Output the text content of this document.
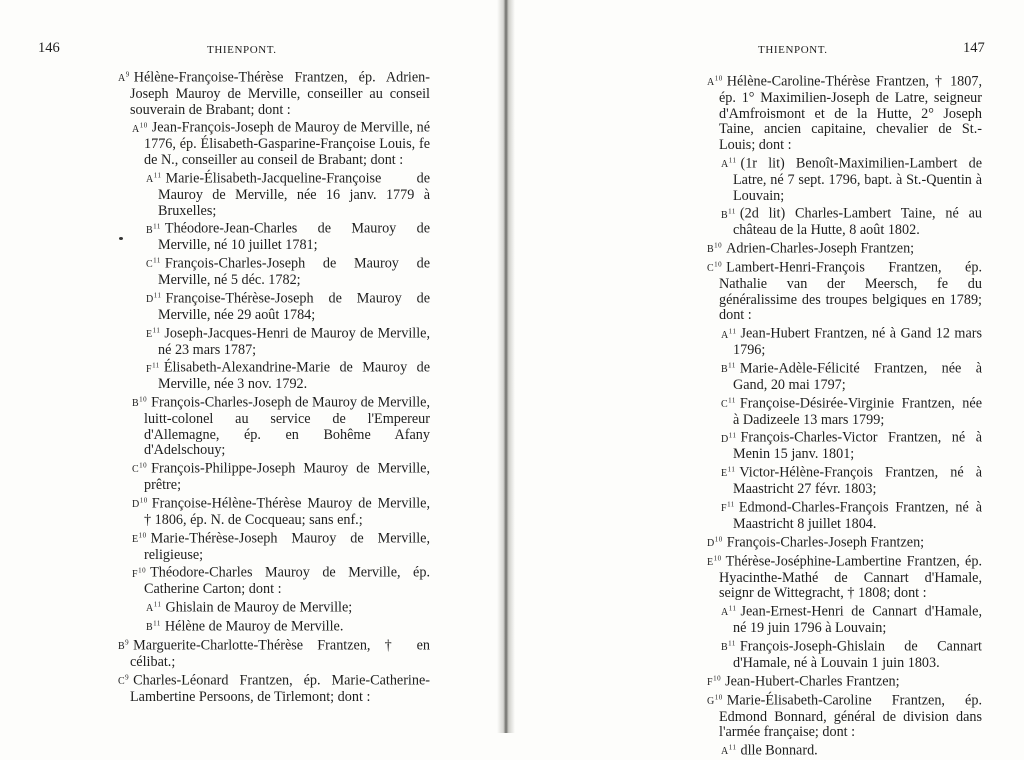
146	THIENPONT.

$A^9$ Hélène-Françoise-Thérèse Frantzen, ép. Adrien-Joseph Mauroy de Merville, conseiller au conseil souverain de Brabant; dont :

$A^{10}$ Jean-François-Joseph de Mauroy de Merville, né 1776, ép. Élisabeth-Gasparine-Françoise Louis, fe de N., conseiller au conseil de Brabant; dont :

$A^{11}$ Marie-Élisabeth-Jacqueline-Françoise de Mauroy de Merville, née 16 janv. 1779 à Bruxelles;

$B^{11}$ Théodore-Jean-Charles de Mauroy de Merville, né 10 juillet 1781;

$C^{11}$ François-Charles-Joseph de Mauroy de Merville, né 5 déc. 1782;

$D^{11}$ Françoise-Thérèse-Joseph de Mauroy de Merville, née 29 août 1784;

$E^{11}$ Joseph-Jacques-Henri de Mauroy de Merville, né 23 mars 1787;

$F^{11}$ Élisabeth-Alexandrine-Marie de Mauroy de Merville, née 3 nov. 1792.

$B^{10}$ François-Charles-Joseph de Mauroy de Merville, luitt-colonel au service de l'Empereur d'Allemagne, ép. en Bohême Afany d'Adelschouy;

$C^{10}$ François-Philippe-Joseph Mauroy de Merville, prêtre;

$D^{10}$ Françoise-Hélène-Thérèse Mauroy de Merville, † 1806, ép. N. de Cocqueau; sans enf.;

$E^{10}$ Marie-Thérèse-Joseph Mauroy de Merville, religieuse;

$F^{10}$ Théodore-Charles Mauroy de Merville, ép. Catherine Carton; dont :

$A^{11}$ Ghislain de Mauroy de Merville;

$B^{11}$ Hélène de Mauroy de Merville.

$B^9$ Marguerite-Charlotte-Thérèse Frantzen, † en célibat.;

$C^9$ Charles-Léonard Frantzen, ép. Marie-Catherine-Lambertine Persoons, de Tirlemont; dont :

147
THIENPONT.

$A^{10}$ Hélène-Caroline-Thérèse Frantzen, † 1807, ép. 1° Maximilien-Joseph de Latre, seigneur d'Amfroismont et de la Hutte, 2° Joseph Taine, ancien capitaine, chevalier de St.-Louis; dont :

$A^{11}$ (1r lit) Benoît-Maximilien-Lambert de Latre, né 7 sept. 1796, bapt. à St.-Quentin à Louvain;

$B^{11}$ (2d lit) Charles-Lambert Taine, né au château de la Hutte, 8 août 1802.

$B^{10}$ Adrien-Charles-Joseph Frantzen;

$C^{10}$ Lambert-Henri-François Frantzen, ép. Nathalie van der Meersch, fe du généralissime des troupes belgiques en 1789; dont :

$A^{11}$ Jean-Hubert Frantzen, né à Gand 12 mars 1796;

$B^{11}$ Marie-Adèle-Félicité Frantzen, née à Gand, 20 mai 1797;

$C^{11}$ Françoise-Désirée-Virginie Frantzen, née à Dadizeele 13 mars 1799;

$D^{11}$ François-Charles-Victor Frantzen, né à Menin 15 janv. 1801;

$E^{11}$ Victor-Hélène-François Frantzen, né à Maastricht 27 févr. 1803;

$F^{11}$ Edmond-Charles-François Frantzen, né à Maastricht 8 juillet 1804.

$D^{10}$ François-Charles-Joseph Frantzen;

$E^{10}$ Thérèse-Joséphine-Lambertine Frantzen, ép. Hyacinthe-Mathé de Cannart d'Hamale, seignr de Wittegracht, † 1808; dont :

$A^{11}$ Jean-Ernest-Henri de Cannart d'Hamale, né 19 juin 1796 à Louvain;

$B^{11}$ François-Joseph-Ghislain de Cannart d'Hamale, né à Louvain 1 juin 1803.

$F^{10}$ Jean-Hubert-Charles Frantzen;

$G^{10}$ Marie-Élisabeth-Caroline Frantzen, ép. Edmond Bonnard, général de division dans l'armée française; dont :

$A^{11}$ dlle Bonnard.
